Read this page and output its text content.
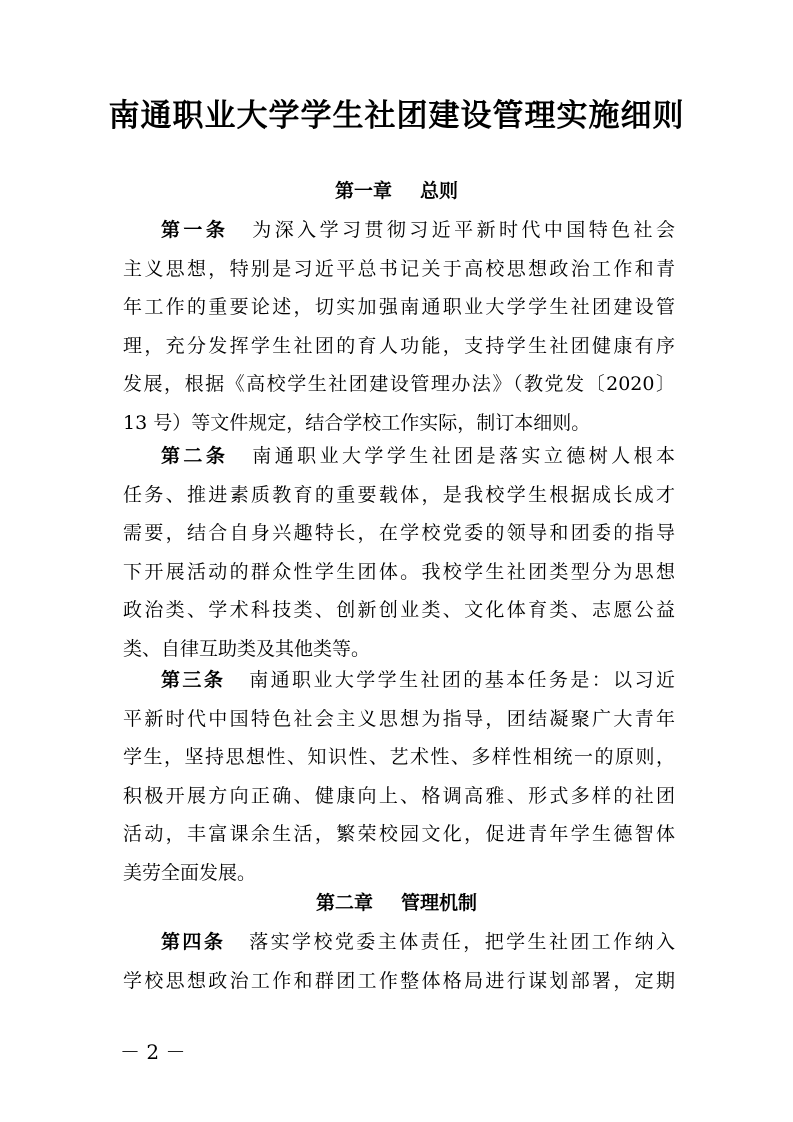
南通职业大学学生社团建设管理实施细则
第一章 总则
第一条 为深入学习贯彻习近平新时代中国特色社会
主义思想，特别是习近平总书记关于高校思想政治工作和青
年工作的重要论述，切实加强南通职业大学学生社团建设管
理，充分发挥学生社团的育人功能，支持学生社团健康有序
发展，根据《高校学生社团建设管理办法》（教党发〔2020〕
13 号）等文件规定，结合学校工作实际，制订本细则。
第二条 南通职业大学学生社团是落实立德树人根本
任务、推进素质教育的重要载体，是我校学生根据成长成才
需要，结合自身兴趣特长，在学校党委的领导和团委的指导
下开展活动的群众性学生团体。我校学生社团类型分为思想
政治类、学术科技类、创新创业类、文化体育类、志愿公益
类、自律互助类及其他类等。
第三条 南通职业大学学生社团的基本任务是：以习近
平新时代中国特色社会主义思想为指导，团结凝聚广大青年
学生，坚持思想性、知识性、艺术性、多样性相统一的原则，
积极开展方向正确、健康向上、格调高雅、形式多样的社团
活动，丰富课余生活，繁荣校园文化，促进青年学生德智体
美劳全面发展。
第二章 管理机制
第四条 落实学校党委主体责任，把学生社团工作纳入
学校思想政治工作和群团工作整体格局进行谋划部署，定期
－ 2 －
